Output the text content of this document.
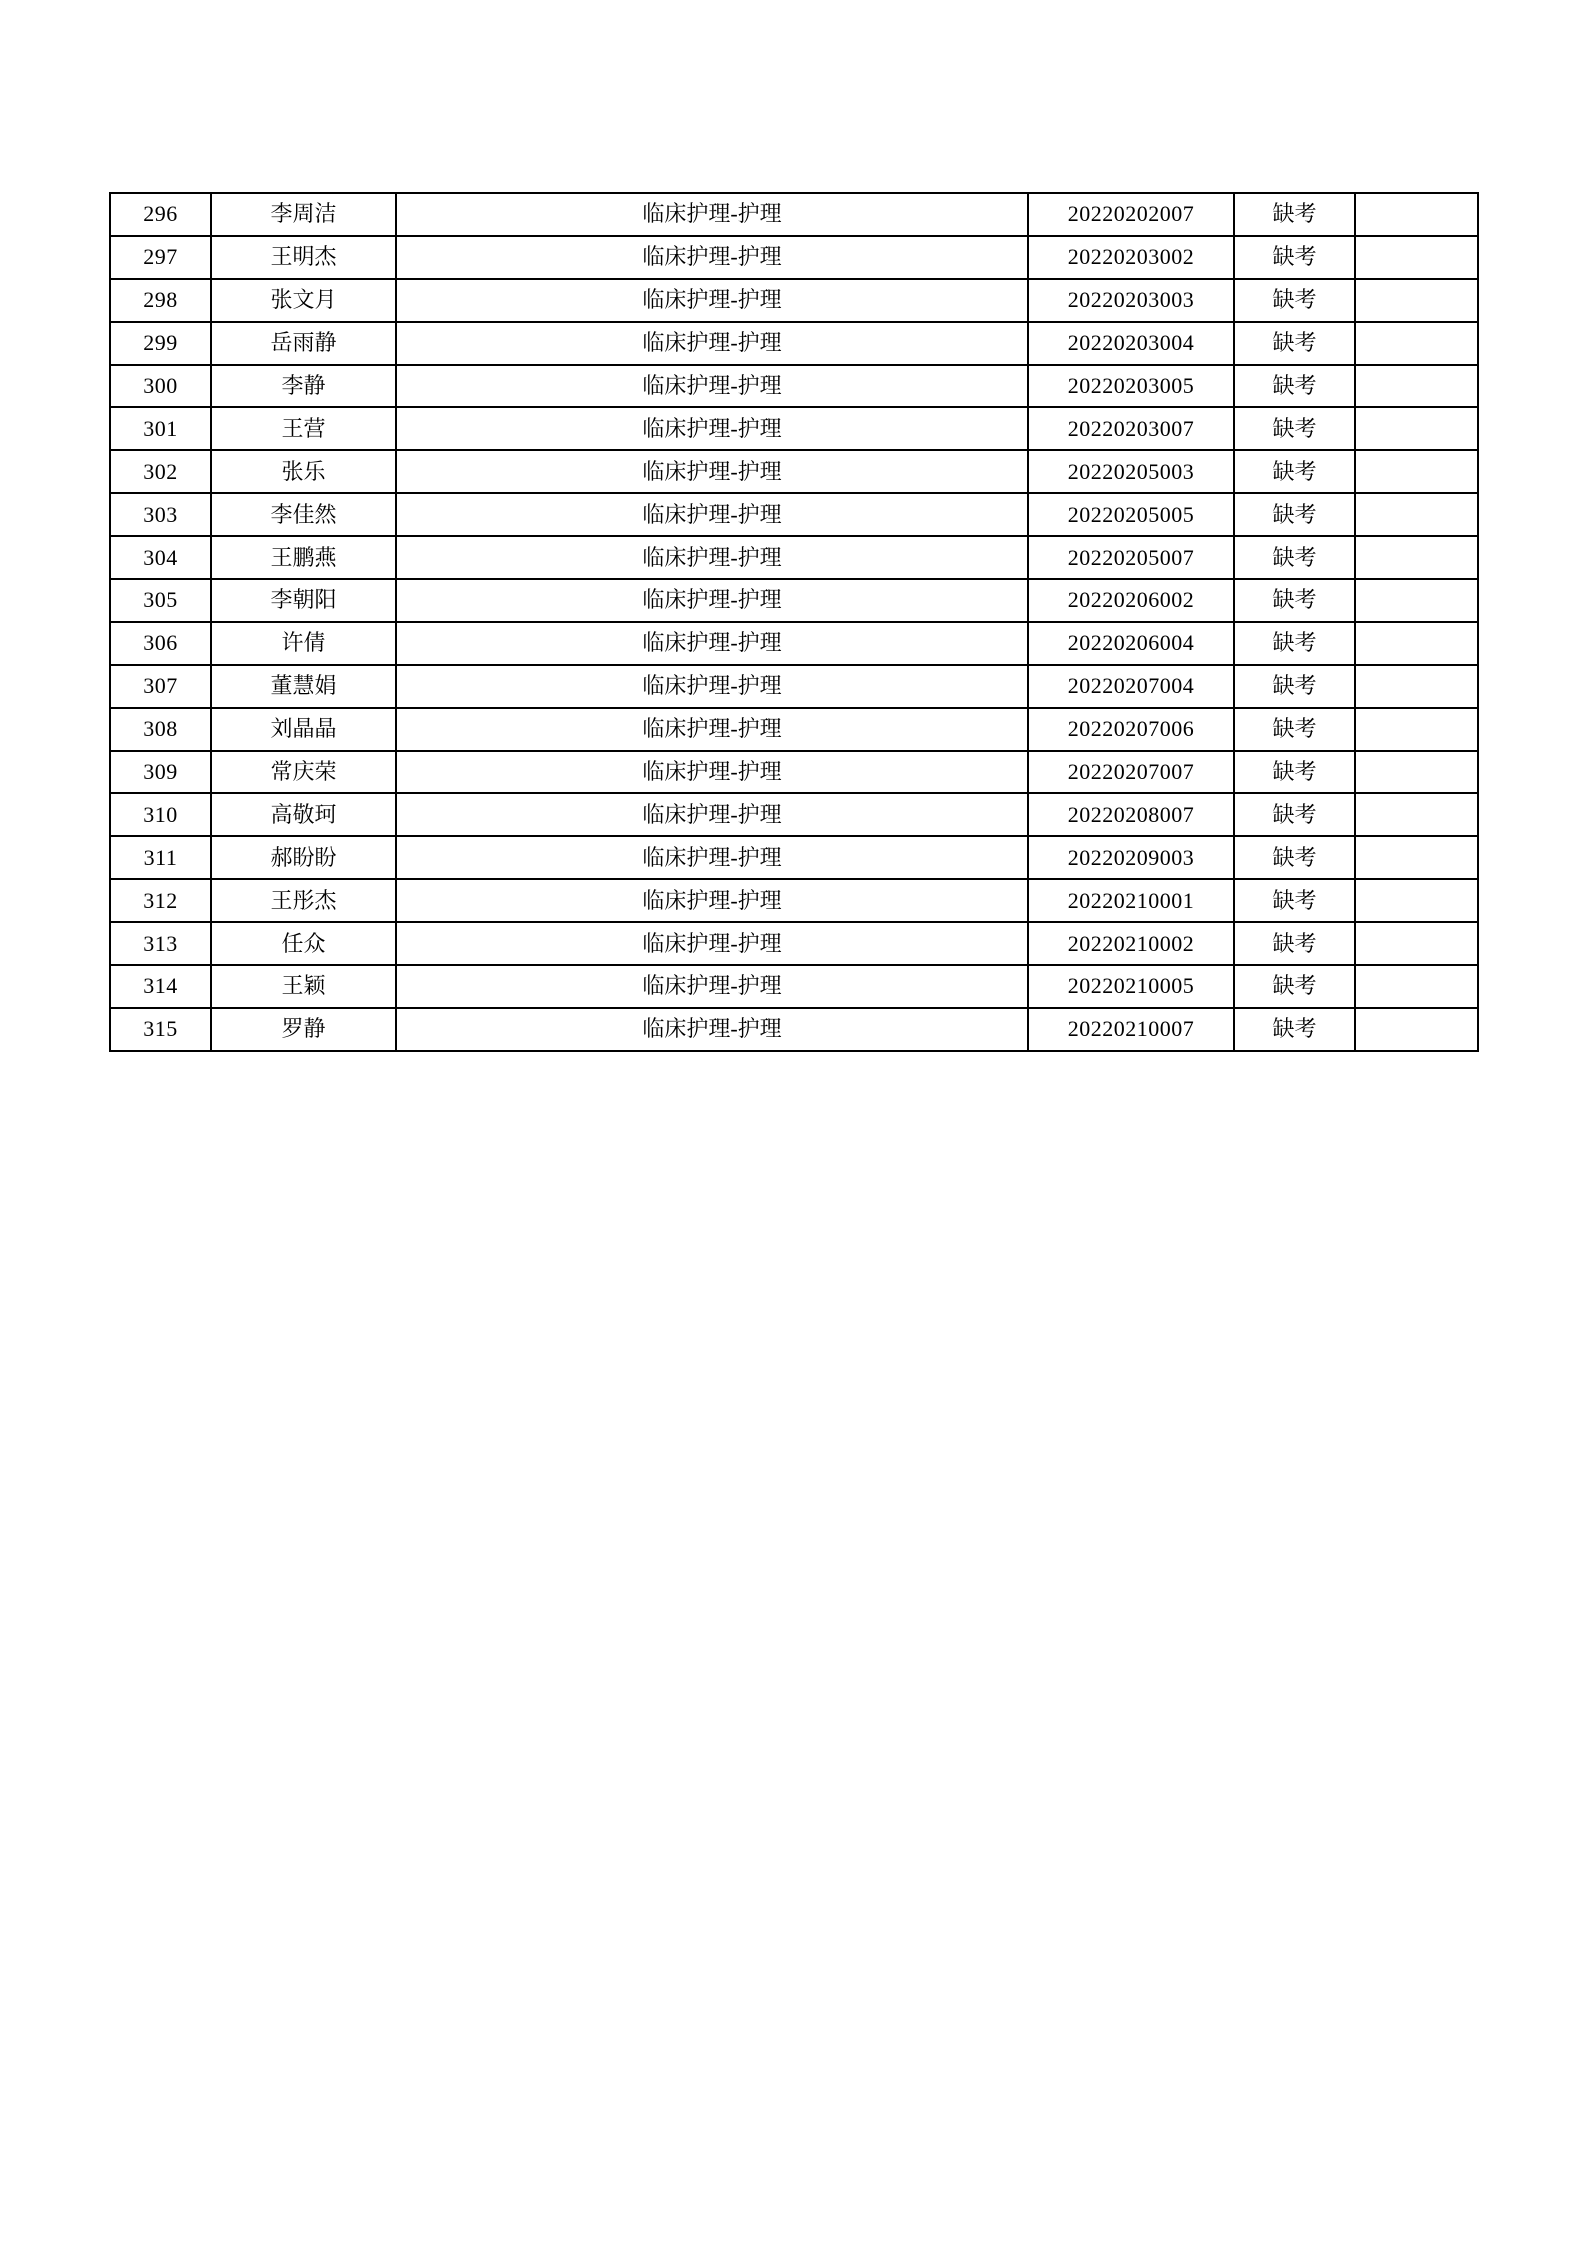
296	李周洁	临床护理-护理	20220202007	缺考	
297	王明杰	临床护理-护理	20220203002	缺考	
298	张文月	临床护理-护理	20220203003	缺考	
299	岳雨静	临床护理-护理	20220203004	缺考	
300	李静	临床护理-护理	20220203005	缺考	
301	王营	临床护理-护理	20220203007	缺考	
302	张乐	临床护理-护理	20220205003	缺考	
303	李佳然	临床护理-护理	20220205005	缺考	
304	王鹏燕	临床护理-护理	20220205007	缺考	
305	李朝阳	临床护理-护理	20220206002	缺考	
306	许倩	临床护理-护理	20220206004	缺考	
307	董慧娟	临床护理-护理	20220207004	缺考	
308	刘晶晶	临床护理-护理	20220207006	缺考	
309	常庆荣	临床护理-护理	20220207007	缺考	
310	高敬珂	临床护理-护理	20220208007	缺考	
311	郝盼盼	临床护理-护理	20220209003	缺考	
312	王彤杰	临床护理-护理	20220210001	缺考	
313	任众	临床护理-护理	20220210002	缺考	
314	王颖	临床护理-护理	20220210005	缺考	
315	罗静	临床护理-护理	20220210007	缺考	
